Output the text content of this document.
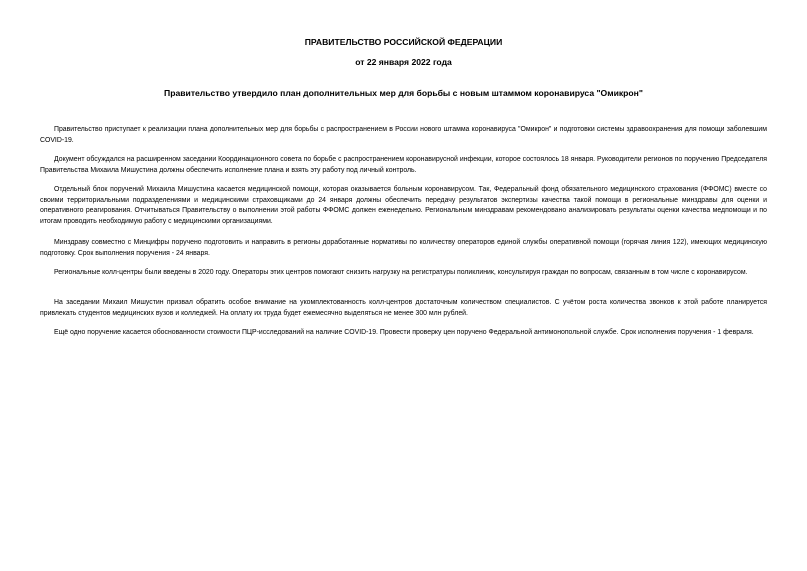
ПРАВИТЕЛЬСТВО РОССИЙСКОЙ ФЕДЕРАЦИИ
от 22 января 2022 года
Правительство утвердило план дополнительных мер для борьбы с новым штаммом коронавируса "Омикрон"

Правительство приступает к реализации плана дополнительных мер для борьбы с распространением в России нового штамма коронавируса "Омикрон" и подготовки системы здравоохранения для помощи заболевшим COVID-19.

Документ обсуждался на расширенном заседании Координационного совета по борьбе с распространением коронавирусной инфекции, которое состоялось 18 января. Руководители регионов по поручению Председателя Правительства Михаила Мишустина должны обеспечить исполнение плана и взять эту работу под личный контроль.

Отдельный блок поручений Михаила Мишустина касается медицинской помощи, которая оказывается больным коронавирусом. Так, Федеральный фонд обязательного медицинского страхования (ФФОМС) вместе со своими территориальными подразделениями и медицинскими страховщиками до 24 января должны обеспечить передачу результатов экспертизы качества такой помощи в региональные минздравы для оценки и оперативного реагирования. Отчитываться Правительству о выполнении этой работы ФФОМС должен еженедельно. Региональным минздравам рекомендовано анализировать результаты оценки качества медпомощи и по итогам проводить необходимую работу с медицинскими организациями.

Минздраву совместно с Минцифры поручено подготовить и направить в регионы доработанные нормативы по количеству операторов единой службы оперативной помощи (горячая линия 122), имеющих медицинскую подготовку. Срок выполнения поручения - 24 января.

Региональные колл-центры были введены в 2020 году. Операторы этих центров помогают снизить нагрузку на регистратуры поликлиник, консультируя граждан по вопросам, связанным в том числе с коронавирусом.

На заседании Михаил Мишустин призвал обратить особое внимание на укомплектованность колл-центров достаточным количеством специалистов. С учётом роста количества звонков к этой работе планируется привлекать студентов медицинских вузов и колледжей. На оплату их труда будет ежемесячно выделяться не менее 300 млн рублей.

Ещё одно поручение касается обоснованности стоимости ПЦР-исследований на наличие COVID-19. Провести проверку цен поручено Федеральной антимонопольной службе. Срок исполнения поручения - 1 февраля.
